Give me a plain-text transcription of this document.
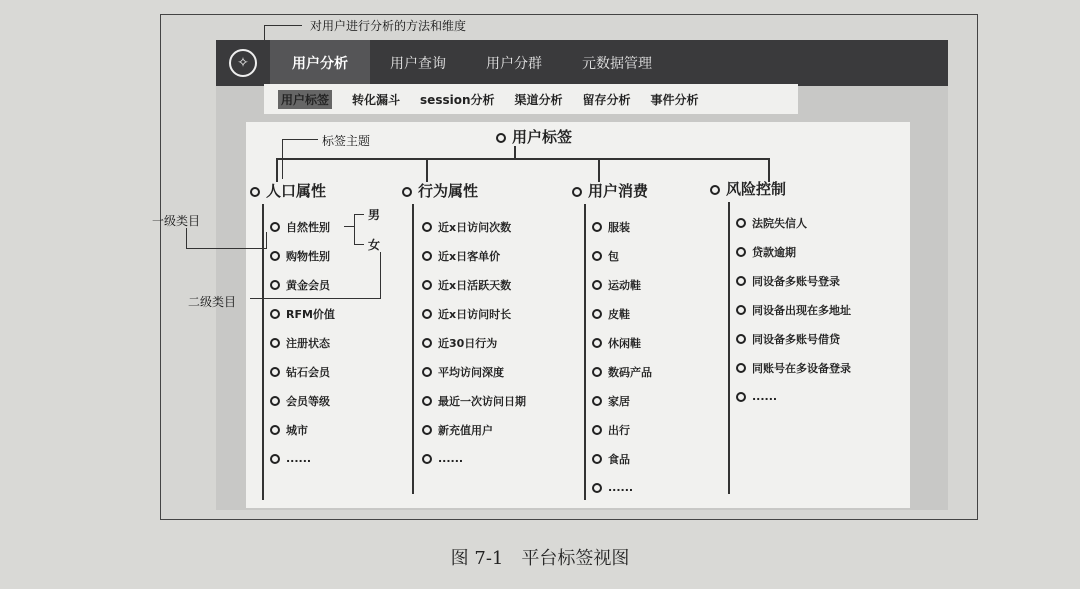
对用户进行分析的方法和维度
✧	用户分析	用户查询	用户分群	元数据管理
用户标签 转化漏斗 session分析 渠道分析 留存分析 事件分析
用户标签
人口属性	行为属性	用户消费	风险控制
自然性别
购物性别
黄金会员
RFM价值
注册状态
钻石会员
会员等级
城市
......
男
女
近x日访问次数
近x日客单价
近x日活跃天数
近x日访问时长
近30日行为
平均访问深度
最近一次访问日期
新充值用户
......
服装
包
运动鞋
皮鞋
休闲鞋
数码产品
家居
出行
食品
......
法院失信人
贷款逾期
同设备多账号登录
同设备出现在多地址
同设备多账号借贷
同账号在多设备登录
......
标签主题
一级类目
二级类目
图 7-1　平台标签视图
